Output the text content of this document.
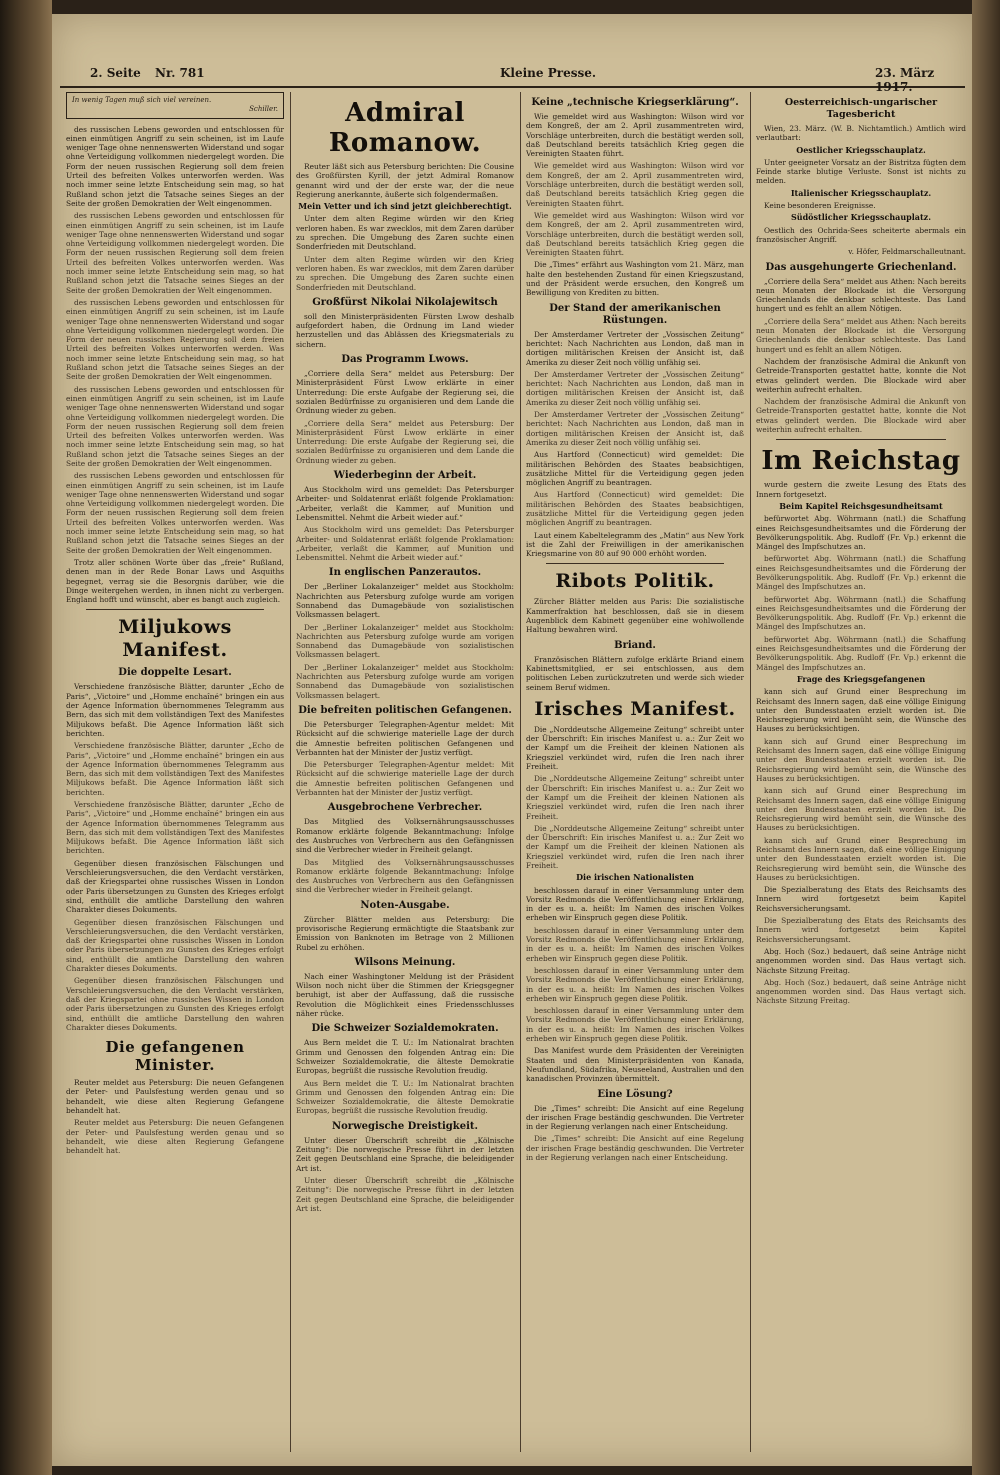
2. Seite Nr. 781	Kleine Presse.	23. März 1917.
In wenig Tagen muß sich viel vereinen.
Schiller.

des russischen Lebens geworden und entschlossen für einen einmütigen Angriff zu sein scheinen, ist im Laufe weniger Tage ohne nennenswerten Widerstand und sogar ohne Verteidigung vollkommen niedergelegt worden. Die Form der neuen russischen Regierung soll dem freien Urteil des befreiten Volkes unterworfen werden. Was noch immer seine letzte Entscheidung sein mag, so hat Rußland schon jetzt die Tatsache seines Sieges an der Seite der großen Demokratien der Welt eingenommen.

des russischen Lebens geworden und entschlossen für einen einmütigen Angriff zu sein scheinen, ist im Laufe weniger Tage ohne nennenswerten Widerstand und sogar ohne Verteidigung vollkommen niedergelegt worden. Die Form der neuen russischen Regierung soll dem freien Urteil des befreiten Volkes unterworfen werden. Was noch immer seine letzte Entscheidung sein mag, so hat Rußland schon jetzt die Tatsache seines Sieges an der Seite der großen Demokratien der Welt eingenommen.

des russischen Lebens geworden und entschlossen für einen einmütigen Angriff zu sein scheinen, ist im Laufe weniger Tage ohne nennenswerten Widerstand und sogar ohne Verteidigung vollkommen niedergelegt worden. Die Form der neuen russischen Regierung soll dem freien Urteil des befreiten Volkes unterworfen werden. Was noch immer seine letzte Entscheidung sein mag, so hat Rußland schon jetzt die Tatsache seines Sieges an der Seite der großen Demokratien der Welt eingenommen.

des russischen Lebens geworden und entschlossen für einen einmütigen Angriff zu sein scheinen, ist im Laufe weniger Tage ohne nennenswerten Widerstand und sogar ohne Verteidigung vollkommen niedergelegt worden. Die Form der neuen russischen Regierung soll dem freien Urteil des befreiten Volkes unterworfen werden. Was noch immer seine letzte Entscheidung sein mag, so hat Rußland schon jetzt die Tatsache seines Sieges an der Seite der großen Demokratien der Welt eingenommen.

des russischen Lebens geworden und entschlossen für einen einmütigen Angriff zu sein scheinen, ist im Laufe weniger Tage ohne nennenswerten Widerstand und sogar ohne Verteidigung vollkommen niedergelegt worden. Die Form der neuen russischen Regierung soll dem freien Urteil des befreiten Volkes unterworfen werden. Was noch immer seine letzte Entscheidung sein mag, so hat Rußland schon jetzt die Tatsache seines Sieges an der Seite der großen Demokratien der Welt eingenommen.

Trotz aller schönen Worte über das „freie“ Rußland, denen man in der Rede Bonar Laws und Asquiths begegnet, verrag sie die Besorgnis darüber, wie die Dinge weitergehen werden, in ihnen nicht zu verbergen. England hofft und wünscht, aber es bangt auch zugleich.

Miljukows Manifest.
Die doppelte Lesart.

Verschiedene französische Blätter, darunter „Echo de Paris“, „Victoire“ und „Homme enchaîné“ bringen ein aus der Agence Information übernommenes Telegramm aus Bern, das sich mit dem vollständigen Text des Manifestes Miljukows befaßt. Die Agence Information läßt sich berichten.

Verschiedene französische Blätter, darunter „Echo de Paris“, „Victoire“ und „Homme enchaîné“ bringen ein aus der Agence Information übernommenes Telegramm aus Bern, das sich mit dem vollständigen Text des Manifestes Miljukows befaßt. Die Agence Information läßt sich berichten.

Verschiedene französische Blätter, darunter „Echo de Paris“, „Victoire“ und „Homme enchaîné“ bringen ein aus der Agence Information übernommenes Telegramm aus Bern, das sich mit dem vollständigen Text des Manifestes Miljukows befaßt. Die Agence Information läßt sich berichten.

Gegenüber diesen französischen Fälschungen und Verschleierungsversuchen, die den Verdacht verstärken, daß der Kriegspartei ohne russisches Wissen in London oder Paris übersetzungen zu Gunsten des Krieges erfolgt sind, enthüllt die amtliche Darstellung den wahren Charakter dieses Dokuments.

Gegenüber diesen französischen Fälschungen und Verschleierungsversuchen, die den Verdacht verstärken, daß der Kriegspartei ohne russisches Wissen in London oder Paris übersetzungen zu Gunsten des Krieges erfolgt sind, enthüllt die amtliche Darstellung den wahren Charakter dieses Dokuments.

Gegenüber diesen französischen Fälschungen und Verschleierungsversuchen, die den Verdacht verstärken, daß der Kriegspartei ohne russisches Wissen in London oder Paris übersetzungen zu Gunsten des Krieges erfolgt sind, enthüllt die amtliche Darstellung den wahren Charakter dieses Dokuments.

Die gefangenen Minister.

Reuter meldet aus Petersburg: Die neuen Gefangenen der Peter- und Paulsfestung werden genau und so behandelt, wie diese alten Regierung Gefangene behandelt hat.

Reuter meldet aus Petersburg: Die neuen Gefangenen der Peter- und Paulsfestung werden genau und so behandelt, wie diese alten Regierung Gefangene behandelt hat.

Admiral Romanow.

Reuter läßt sich aus Petersburg berichten: Die Cousine des Großfürsten Kyrill, der jetzt Admiral Romanow genannt wird und der der erste war, der die neue Regierung anerkannte, äußerte sich folgendermaßen.

Mein Vetter und ich sind jetzt gleichberechtigt.

Unter dem alten Regime würden wir den Krieg verloren haben. Es war zwecklos, mit dem Zaren darüber zu sprechen. Die Umgebung des Zaren suchte einen Sonderfrieden mit Deutschland.

Unter dem alten Regime würden wir den Krieg verloren haben. Es war zwecklos, mit dem Zaren darüber zu sprechen. Die Umgebung des Zaren suchte einen Sonderfrieden mit Deutschland.

Großfürst Nikolai Nikolajewitsch

soll den Ministerpräsidenten Fürsten Lwow deshalb aufgefordert haben, die Ordnung im Land wieder herzustellen und das Ablässen des Kriegsmaterials zu sichern.

Das Programm Lwows.

„Corriere della Sera“ meldet aus Petersburg: Der Ministerpräsident Fürst Lwow erklärte in einer Unterredung: Die erste Aufgabe der Regierung sei, die sozialen Bedürfnisse zu organisieren und dem Lande die Ordnung wieder zu geben.

„Corriere della Sera“ meldet aus Petersburg: Der Ministerpräsident Fürst Lwow erklärte in einer Unterredung: Die erste Aufgabe der Regierung sei, die sozialen Bedürfnisse zu organisieren und dem Lande die Ordnung wieder zu geben.

Wiederbeginn der Arbeit.

Aus Stockholm wird uns gemeldet: Das Petersburger Arbeiter- und Soldatenrat erläßt folgende Proklamation: „Arbeiter, verlaßt die Kammer, auf Munition und Lebensmittel. Nehmt die Arbeit wieder auf.“

Aus Stockholm wird uns gemeldet: Das Petersburger Arbeiter- und Soldatenrat erläßt folgende Proklamation: „Arbeiter, verlaßt die Kammer, auf Munition und Lebensmittel. Nehmt die Arbeit wieder auf.“

In englischen Panzerautos.

Der „Berliner Lokalanzeiger“ meldet aus Stockholm: Nachrichten aus Petersburg zufolge wurde am vorigen Sonnabend das Dumagebäude von sozialistischen Volksmassen belagert.

Der „Berliner Lokalanzeiger“ meldet aus Stockholm: Nachrichten aus Petersburg zufolge wurde am vorigen Sonnabend das Dumagebäude von sozialistischen Volksmassen belagert.

Der „Berliner Lokalanzeiger“ meldet aus Stockholm: Nachrichten aus Petersburg zufolge wurde am vorigen Sonnabend das Dumagebäude von sozialistischen Volksmassen belagert.

Die befreiten politischen Gefangenen.

Die Petersburger Telegraphen-Agentur meldet: Mit Rücksicht auf die schwierige materielle Lage der durch die Amnestie befreiten politischen Gefangenen und Verbannten hat der Minister der Justiz verfügt.

Die Petersburger Telegraphen-Agentur meldet: Mit Rücksicht auf die schwierige materielle Lage der durch die Amnestie befreiten politischen Gefangenen und Verbannten hat der Minister der Justiz verfügt.

Ausgebrochene Verbrecher.

Das Mitglied des Volksernährungsausschusses Romanow erklärte folgende Bekanntmachung: Infolge des Ausbruches von Verbrechern aus den Gefängnissen sind die Verbrecher wieder in Freiheit gelangt.

Das Mitglied des Volksernährungsausschusses Romanow erklärte folgende Bekanntmachung: Infolge des Ausbruches von Verbrechern aus den Gefängnissen sind die Verbrecher wieder in Freiheit gelangt.

Noten-Ausgabe.

Zürcher Blätter melden aus Petersburg: Die provisorische Regierung ermächtigte die Staatsbank zur Emission von Banknoten im Betrage von 2 Millionen Rubel zu erhöhen.

Wilsons Meinung.

Nach einer Washingtoner Meldung ist der Präsident Wilson noch nicht über die Stimmen der Kriegsgegner beruhigt, ist aber der Auffassung, daß die russische Revolution die Möglichkeit eines Friedensschlusses näher rücke.

Die Schweizer Sozialdemokraten.

Aus Bern meldet die T. U.: Im Nationalrat brachten Grimm und Genossen den folgenden Antrag ein: Die Schweizer Sozialdemokratie, die älteste Demokratie Europas, begrüßt die russische Revolution freudig.

Aus Bern meldet die T. U.: Im Nationalrat brachten Grimm und Genossen den folgenden Antrag ein: Die Schweizer Sozialdemokratie, die älteste Demokratie Europas, begrüßt die russische Revolution freudig.

Norwegische Dreistigkeit.

Unter dieser Überschrift schreibt die „Kölnische Zeitung“: Die norwegische Presse führt in der letzten Zeit gegen Deutschland eine Sprache, die beleidigender Art ist.

Unter dieser Überschrift schreibt die „Kölnische Zeitung“: Die norwegische Presse führt in der letzten Zeit gegen Deutschland eine Sprache, die beleidigender Art ist.

Keine „technische Kriegserklärung“.

Wie gemeldet wird aus Washington: Wilson wird vor dem Kongreß, der am 2. April zusammentreten wird, Vorschläge unterbreiten, durch die bestätigt werden soll, daß Deutschland bereits tatsächlich Krieg gegen die Vereinigten Staaten führt.

Wie gemeldet wird aus Washington: Wilson wird vor dem Kongreß, der am 2. April zusammentreten wird, Vorschläge unterbreiten, durch die bestätigt werden soll, daß Deutschland bereits tatsächlich Krieg gegen die Vereinigten Staaten führt.

Wie gemeldet wird aus Washington: Wilson wird vor dem Kongreß, der am 2. April zusammentreten wird, Vorschläge unterbreiten, durch die bestätigt werden soll, daß Deutschland bereits tatsächlich Krieg gegen die Vereinigten Staaten führt.

Die „Times“ erfährt aus Washington vom 21. März, man halte den bestehenden Zustand für einen Kriegszustand, und der Präsident werde ersuchen, den Kongreß um Bewilligung von Krediten zu bitten.

Der Stand der amerikanischen Rüstungen.

Der Amsterdamer Vertreter der „Vossischen Zeitung“ berichtet: Nach Nachrichten aus London, daß man in dortigen militärischen Kreisen der Ansicht ist, daß Amerika zu dieser Zeit noch völlig unfähig sei.

Der Amsterdamer Vertreter der „Vossischen Zeitung“ berichtet: Nach Nachrichten aus London, daß man in dortigen militärischen Kreisen der Ansicht ist, daß Amerika zu dieser Zeit noch völlig unfähig sei.

Der Amsterdamer Vertreter der „Vossischen Zeitung“ berichtet: Nach Nachrichten aus London, daß man in dortigen militärischen Kreisen der Ansicht ist, daß Amerika zu dieser Zeit noch völlig unfähig sei.

Aus Hartford (Connecticut) wird gemeldet: Die militärischen Behörden des Staates beabsichtigen, zusätzliche Mittel für die Verteidigung gegen jeden möglichen Angriff zu beantragen.

Aus Hartford (Connecticut) wird gemeldet: Die militärischen Behörden des Staates beabsichtigen, zusätzliche Mittel für die Verteidigung gegen jeden möglichen Angriff zu beantragen.

Laut einem Kabeltelegramm des „Matin“ aus New York ist die Zahl der Freiwilligen in der amerikanischen Kriegsmarine von 80 auf 90 000 erhöht worden.

Ribots Politik.

Zürcher Blätter melden aus Paris: Die sozialistische Kammerfraktion hat beschlossen, daß sie in diesem Augenblick dem Kabinett gegenüber eine wohlwollende Haltung bewahren wird.

Briand.

Französischen Blättern zufolge erklärte Briand einem Kabinettsmitglied, er sei entschlossen, aus dem politischen Leben zurückzutreten und werde sich wieder seinem Beruf widmen.

Irisches Manifest.

Die „Norddeutsche Allgemeine Zeitung“ schreibt unter der Überschrift: Ein irisches Manifest u. a.: Zur Zeit wo der Kampf um die Freiheit der kleinen Nationen als Kriegsziel verkündet wird, rufen die Iren nach ihrer Freiheit.

Die „Norddeutsche Allgemeine Zeitung“ schreibt unter der Überschrift: Ein irisches Manifest u. a.: Zur Zeit wo der Kampf um die Freiheit der kleinen Nationen als Kriegsziel verkündet wird, rufen die Iren nach ihrer Freiheit.

Die „Norddeutsche Allgemeine Zeitung“ schreibt unter der Überschrift: Ein irisches Manifest u. a.: Zur Zeit wo der Kampf um die Freiheit der kleinen Nationen als Kriegsziel verkündet wird, rufen die Iren nach ihrer Freiheit.

Die irischen Nationalisten

beschlossen darauf in einer Versammlung unter dem Vorsitz Redmonds die Veröffentlichung einer Erklärung, in der es u. a. heißt: Im Namen des irischen Volkes erheben wir Einspruch gegen diese Politik.

beschlossen darauf in einer Versammlung unter dem Vorsitz Redmonds die Veröffentlichung einer Erklärung, in der es u. a. heißt: Im Namen des irischen Volkes erheben wir Einspruch gegen diese Politik.

beschlossen darauf in einer Versammlung unter dem Vorsitz Redmonds die Veröffentlichung einer Erklärung, in der es u. a. heißt: Im Namen des irischen Volkes erheben wir Einspruch gegen diese Politik.

beschlossen darauf in einer Versammlung unter dem Vorsitz Redmonds die Veröffentlichung einer Erklärung, in der es u. a. heißt: Im Namen des irischen Volkes erheben wir Einspruch gegen diese Politik.

Das Manifest wurde dem Präsidenten der Vereinigten Staaten und den Ministerpräsidenten von Kanada, Neufundland, Südafrika, Neuseeland, Australien und den kanadischen Provinzen übermittelt.

Eine Lösung?

Die „Times“ schreibt: Die Ansicht auf eine Regelung der irischen Frage beständig geschwunden. Die Vertreter in der Regierung verlangen nach einer Entscheidung.

Die „Times“ schreibt: Die Ansicht auf eine Regelung der irischen Frage beständig geschwunden. Die Vertreter in der Regierung verlangen nach einer Entscheidung.

Oesterreichisch-ungarischer Tagesbericht

Wien, 23. März. (W. B. Nichtamtlich.) Amtlich wird verlautbart:

Oestlicher Kriegsschauplatz.

Unter geeigneter Vorsatz an der Bistritza fügten dem Feinde starke blutige Verluste. Sonst ist nichts zu melden.

Italienischer Kriegsschauplatz.

Keine besonderen Ereignisse.

Südöstlicher Kriegsschauplatz.

Oestlich des Ochrida-Sees scheiterte abermals ein französischer Angriff.

v. Höfer, Feldmarschalleutnant.

Das ausgehungerte Griechenland.

„Corriere della Sera“ meldet aus Athen: Nach bereits neun Monaten der Blockade ist die Versorgung Griechenlands die denkbar schlechteste. Das Land hungert und es fehlt an allem Nötigen.

„Corriere della Sera“ meldet aus Athen: Nach bereits neun Monaten der Blockade ist die Versorgung Griechenlands die denkbar schlechteste. Das Land hungert und es fehlt an allem Nötigen.

Nachdem der französische Admiral die Ankunft von Getreide-Transporten gestattet hatte, konnte die Not etwas gelindert werden. Die Blockade wird aber weiterhin aufrecht erhalten.

Nachdem der französische Admiral die Ankunft von Getreide-Transporten gestattet hatte, konnte die Not etwas gelindert werden. Die Blockade wird aber weiterhin aufrecht erhalten.

Im Reichstag

wurde gestern die zweite Lesung des Etats des Innern fortgesetzt.

Beim Kapitel Reichsgesundheitsamt

befürwortet Abg. Wöhrmann (natl.) die Schaffung eines Reichsgesundheitsamtes und die Förderung der Bevölkerungspolitik. Abg. Rudloff (Fr. Vp.) erkennt die Mängel des Impfschutzes an.

befürwortet Abg. Wöhrmann (natl.) die Schaffung eines Reichsgesundheitsamtes und die Förderung der Bevölkerungspolitik. Abg. Rudloff (Fr. Vp.) erkennt die Mängel des Impfschutzes an.

befürwortet Abg. Wöhrmann (natl.) die Schaffung eines Reichsgesundheitsamtes und die Förderung der Bevölkerungspolitik. Abg. Rudloff (Fr. Vp.) erkennt die Mängel des Impfschutzes an.

befürwortet Abg. Wöhrmann (natl.) die Schaffung eines Reichsgesundheitsamtes und die Förderung der Bevölkerungspolitik. Abg. Rudloff (Fr. Vp.) erkennt die Mängel des Impfschutzes an.

Frage des Kriegsgefangenen

kann sich auf Grund einer Besprechung im Reichsamt des Innern sagen, daß eine völlige Einigung unter den Bundesstaaten erzielt worden ist. Die Reichsregierung wird bemüht sein, die Wünsche des Hauses zu berücksichtigen.

kann sich auf Grund einer Besprechung im Reichsamt des Innern sagen, daß eine völlige Einigung unter den Bundesstaaten erzielt worden ist. Die Reichsregierung wird bemüht sein, die Wünsche des Hauses zu berücksichtigen.

kann sich auf Grund einer Besprechung im Reichsamt des Innern sagen, daß eine völlige Einigung unter den Bundesstaaten erzielt worden ist. Die Reichsregierung wird bemüht sein, die Wünsche des Hauses zu berücksichtigen.

kann sich auf Grund einer Besprechung im Reichsamt des Innern sagen, daß eine völlige Einigung unter den Bundesstaaten erzielt worden ist. Die Reichsregierung wird bemüht sein, die Wünsche des Hauses zu berücksichtigen.

Die Spezialberatung des Etats des Reichsamts des Innern wird fortgesetzt beim Kapitel Reichsversicherungsamt.

Die Spezialberatung des Etats des Reichsamts des Innern wird fortgesetzt beim Kapitel Reichsversicherungsamt.

Abg. Hoch (Soz.) bedauert, daß seine Anträge nicht angenommen worden sind. Das Haus vertagt sich. Nächste Sitzung Freitag.

Abg. Hoch (Soz.) bedauert, daß seine Anträge nicht angenommen worden sind. Das Haus vertagt sich. Nächste Sitzung Freitag.
